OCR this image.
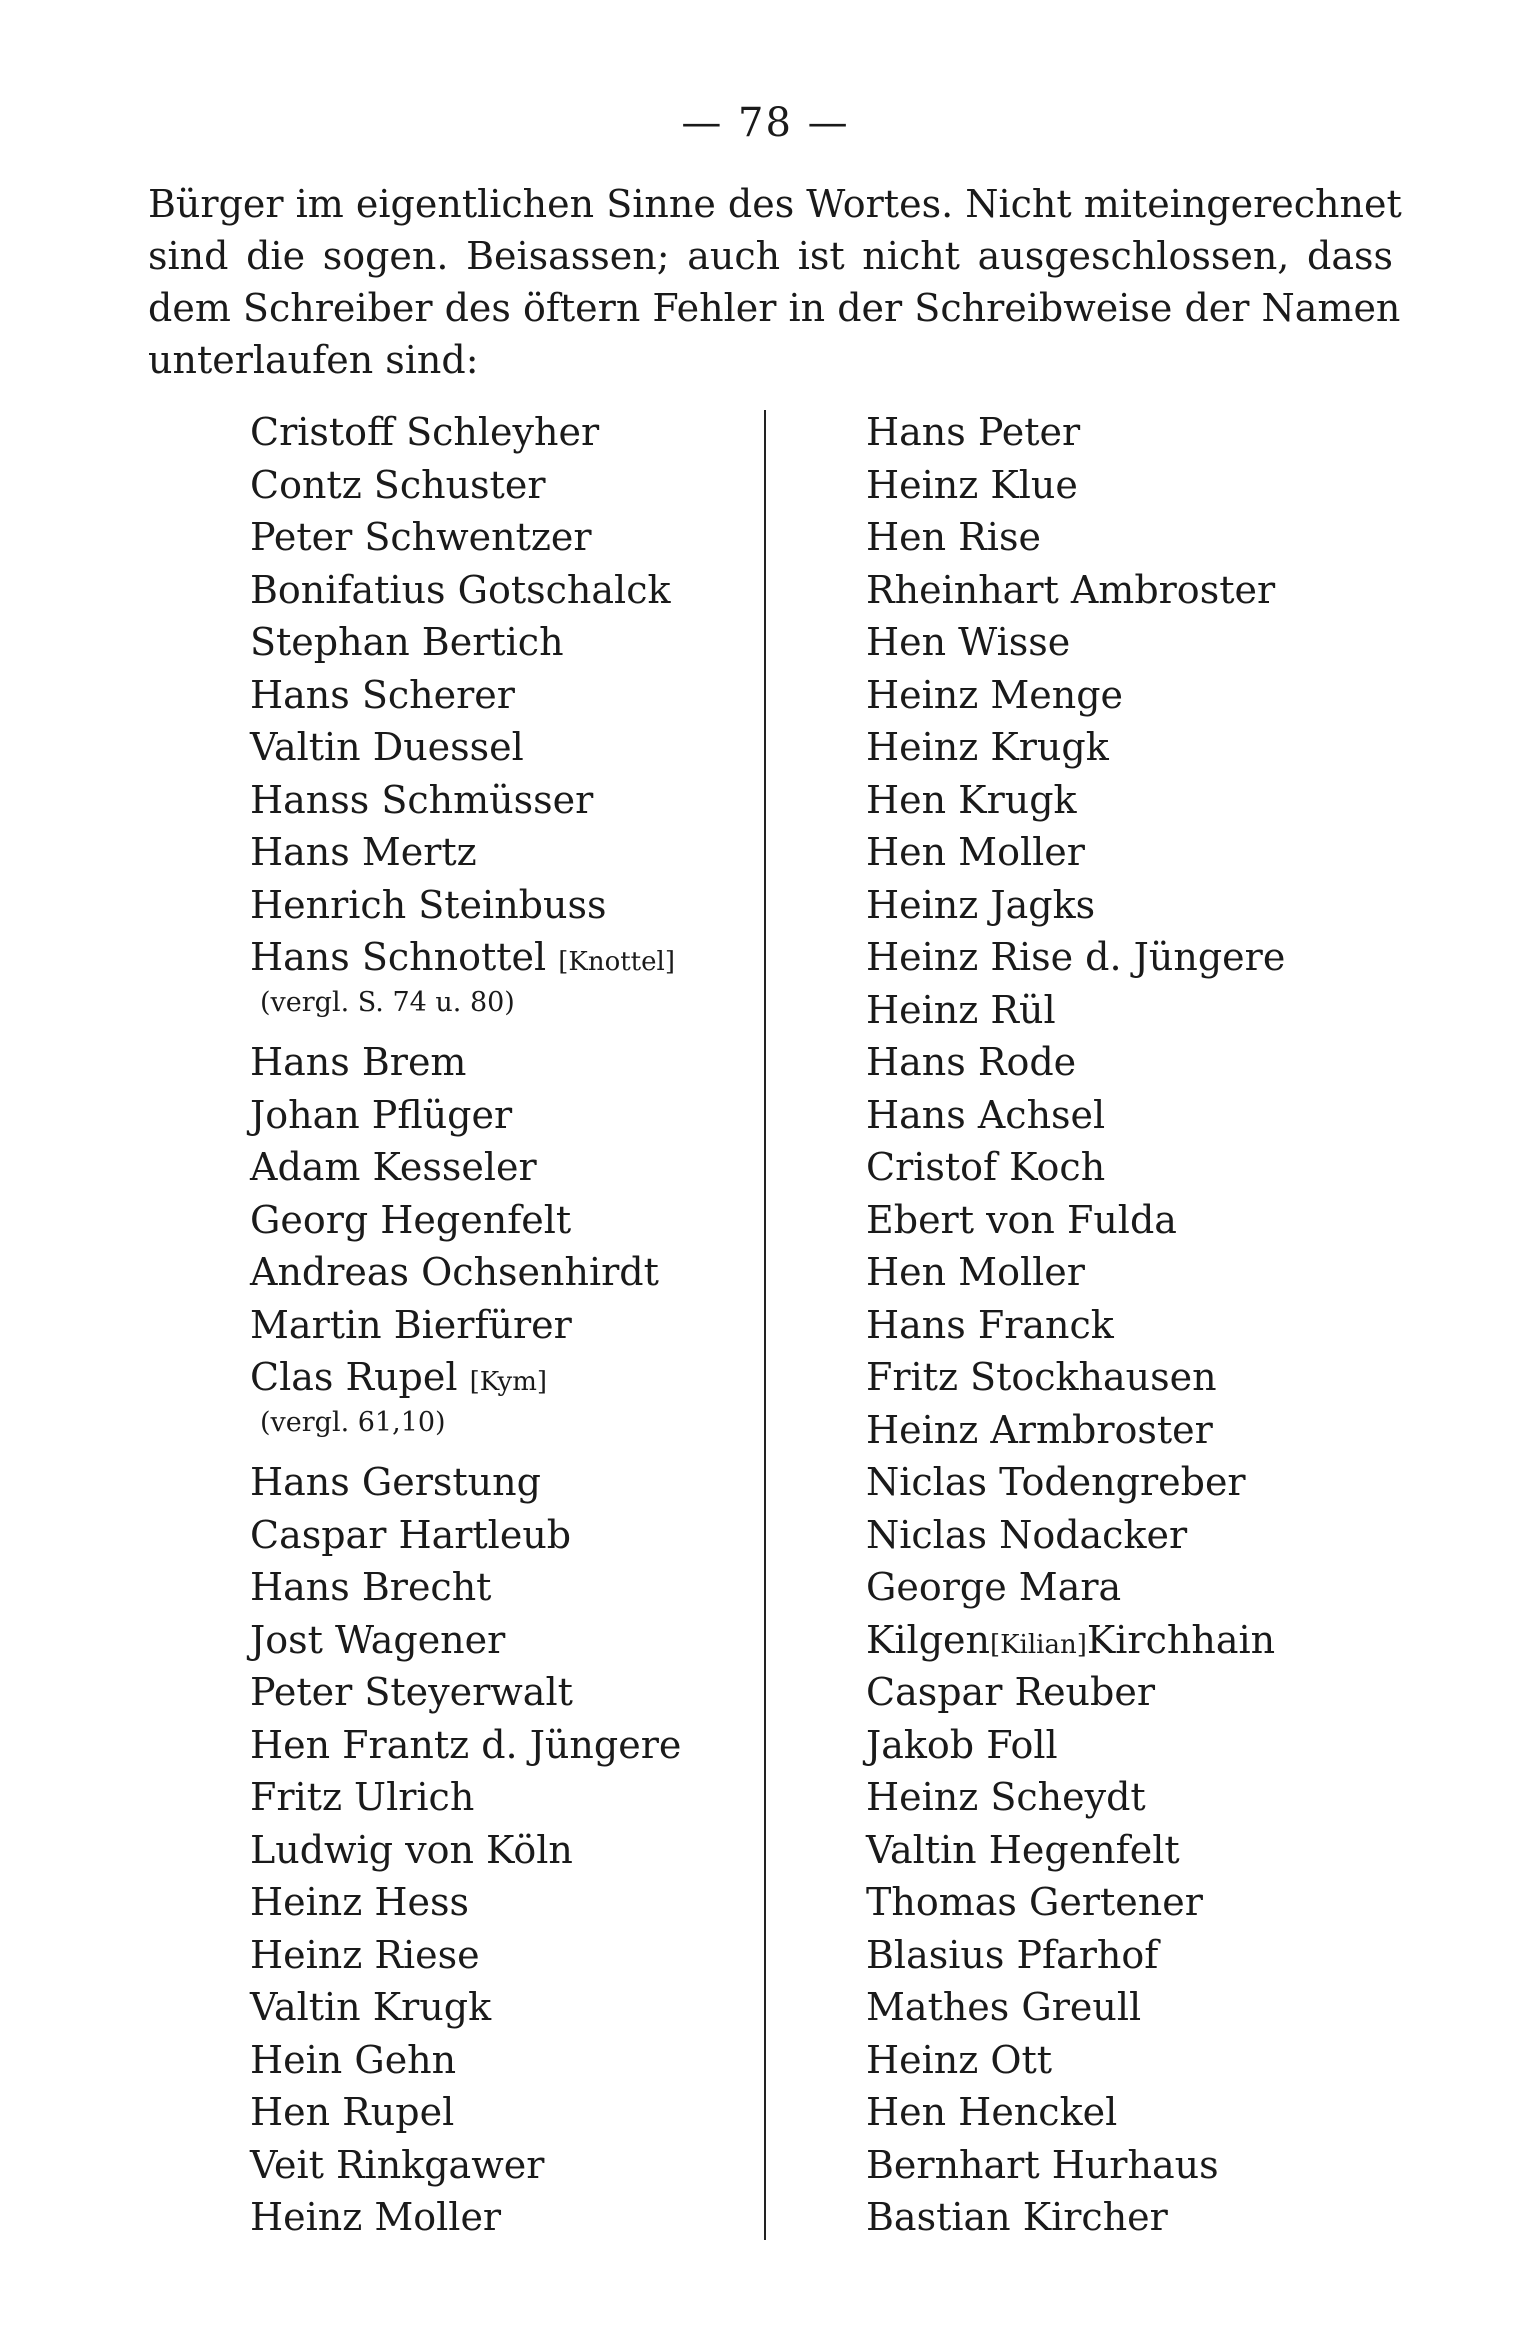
— 78 —
Bürger im eigentlichen Sinne des Wortes. Nicht miteingerechnet
sind die sogen. Beisassen; auch ist nicht ausgeschlossen, dass
dem Schreiber des öftern Fehler in der Schreibweise der Namen
unterlaufen sind:
Cristoff Schleyher
Contz Schuster
Peter Schwentzer
Bonifatius Gotschalck
Stephan Bertich
Hans Scherer
Valtin Duessel
Hanss Schmüsser
Hans Mertz
Henrich Steinbuss
Hans Schnottel [Knottel]
(vergl. S. 74 u. 80)
Hans Brem
Johan Pflüger
Adam Kesseler
Georg Hegenfelt
Andreas Ochsenhirdt
Martin Bierfürer
Clas Rupel [Kym]
(vergl. 61,10)
Hans Gerstung
Caspar Hartleub
Hans Brecht
Jost Wagener
Peter Steyerwalt
Hen Frantz d. Jüngere
Fritz Ulrich
Ludwig von Köln
Heinz Hess
Heinz Riese
Valtin Krugk
Hein Gehn
Hen Rupel
Veit Rinkgawer
Heinz Moller
Hans Peter
Heinz Klue
Hen Rise
Rheinhart Ambroster
Hen Wisse
Heinz Menge
Heinz Krugk
Hen Krugk
Hen Moller
Heinz Jagks
Heinz Rise d. Jüngere
Heinz Rül
Hans Rode
Hans Achsel
Cristof Koch
Ebert von Fulda
Hen Moller
Hans Franck
Fritz Stockhausen
Heinz Armbroster
Niclas Todengreber
Niclas Nodacker
George Mara
Kilgen[Kilian]Kirchhain
Caspar Reuber
Jakob Foll
Heinz Scheydt
Valtin Hegenfelt
Thomas Gertener
Blasius Pfarhof
Mathes Greull
Heinz Ott
Hen Henckel
Bernhart Hurhaus
Bastian Kircher
